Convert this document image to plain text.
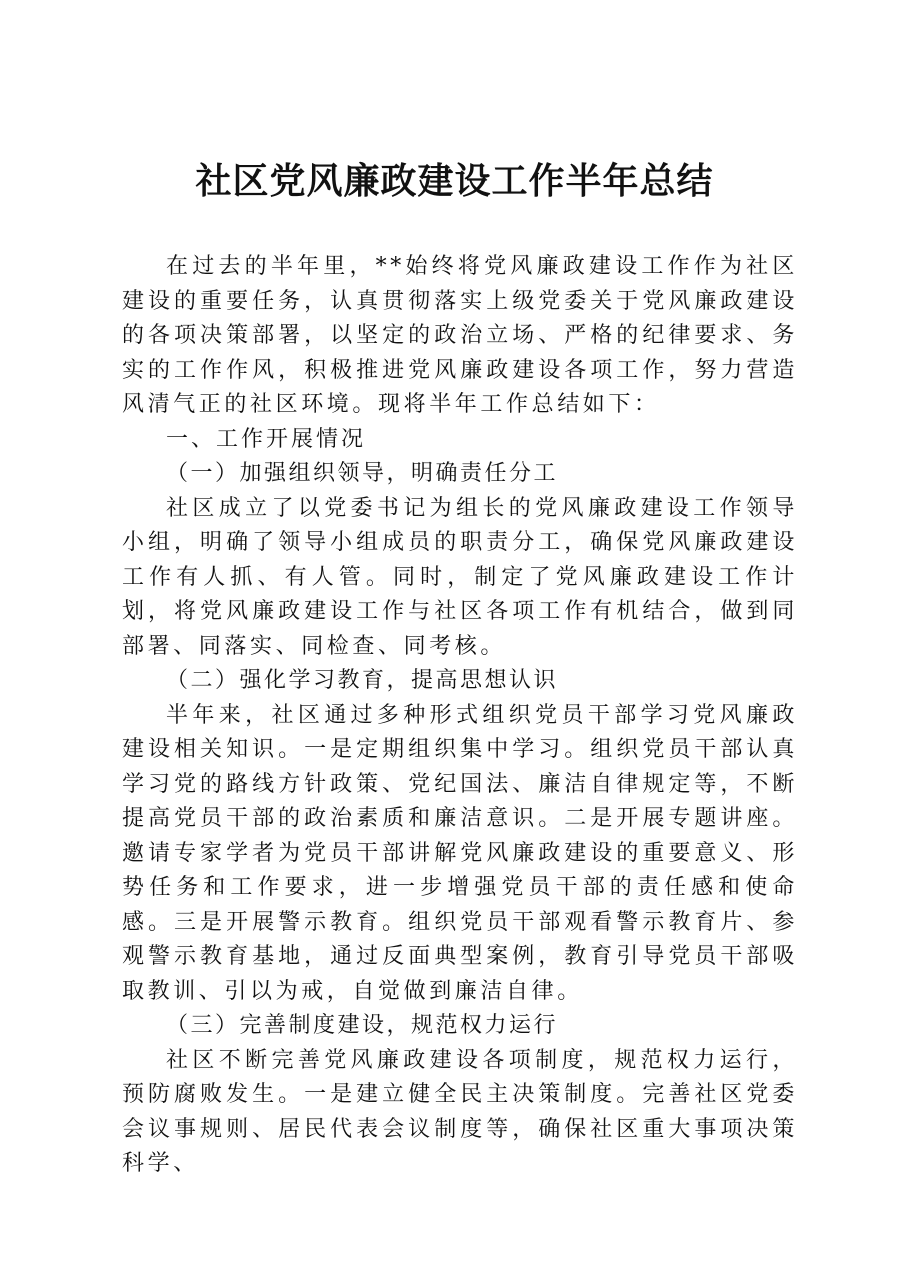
社区党风廉政建设工作半年总结

在过去的半年里，**始终将党风廉政建设工作作为社区建设的重要任务，认真贯彻落实上级党委关于党风廉政建设的各项决策部署，以坚定的政治立场、严格的纪律要求、务实的工作作风，积极推进党风廉政建设各项工作，努力营造风清气正的社区环境。现将半年工作总结如下：

一、工作开展情况

（一）加强组织领导，明确责任分工

社区成立了以党委书记为组长的党风廉政建设工作领导小组，明确了领导小组成员的职责分工，确保党风廉政建设工作有人抓、有人管。同时，制定了党风廉政建设工作计划，将党风廉政建设工作与社区各项工作有机结合，做到同部署、同落实、同检查、同考核。

（二）强化学习教育，提高思想认识

半年来，社区通过多种形式组织党员干部学习党风廉政建设相关知识。一是定期组织集中学习。组织党员干部认真学习党的路线方针政策、党纪国法、廉洁自律规定等，不断提高党员干部的政治素质和廉洁意识。二是开展专题讲座。邀请专家学者为党员干部讲解党风廉政建设的重要意义、形势任务和工作要求，进一步增强党员干部的责任感和使命感。三是开展警示教育。组织党员干部观看警示教育片、参观警示教育基地，通过反面典型案例，教育引导党员干部吸取教训、引以为戒，自觉做到廉洁自律。

（三）完善制度建设，规范权力运行

社区不断完善党风廉政建设各项制度，规范权力运行，预防腐败发生。一是建立健全民主决策制度。完善社区党委会议事规则、居民代表会议制度等，确保社区重大事项决策科学、
